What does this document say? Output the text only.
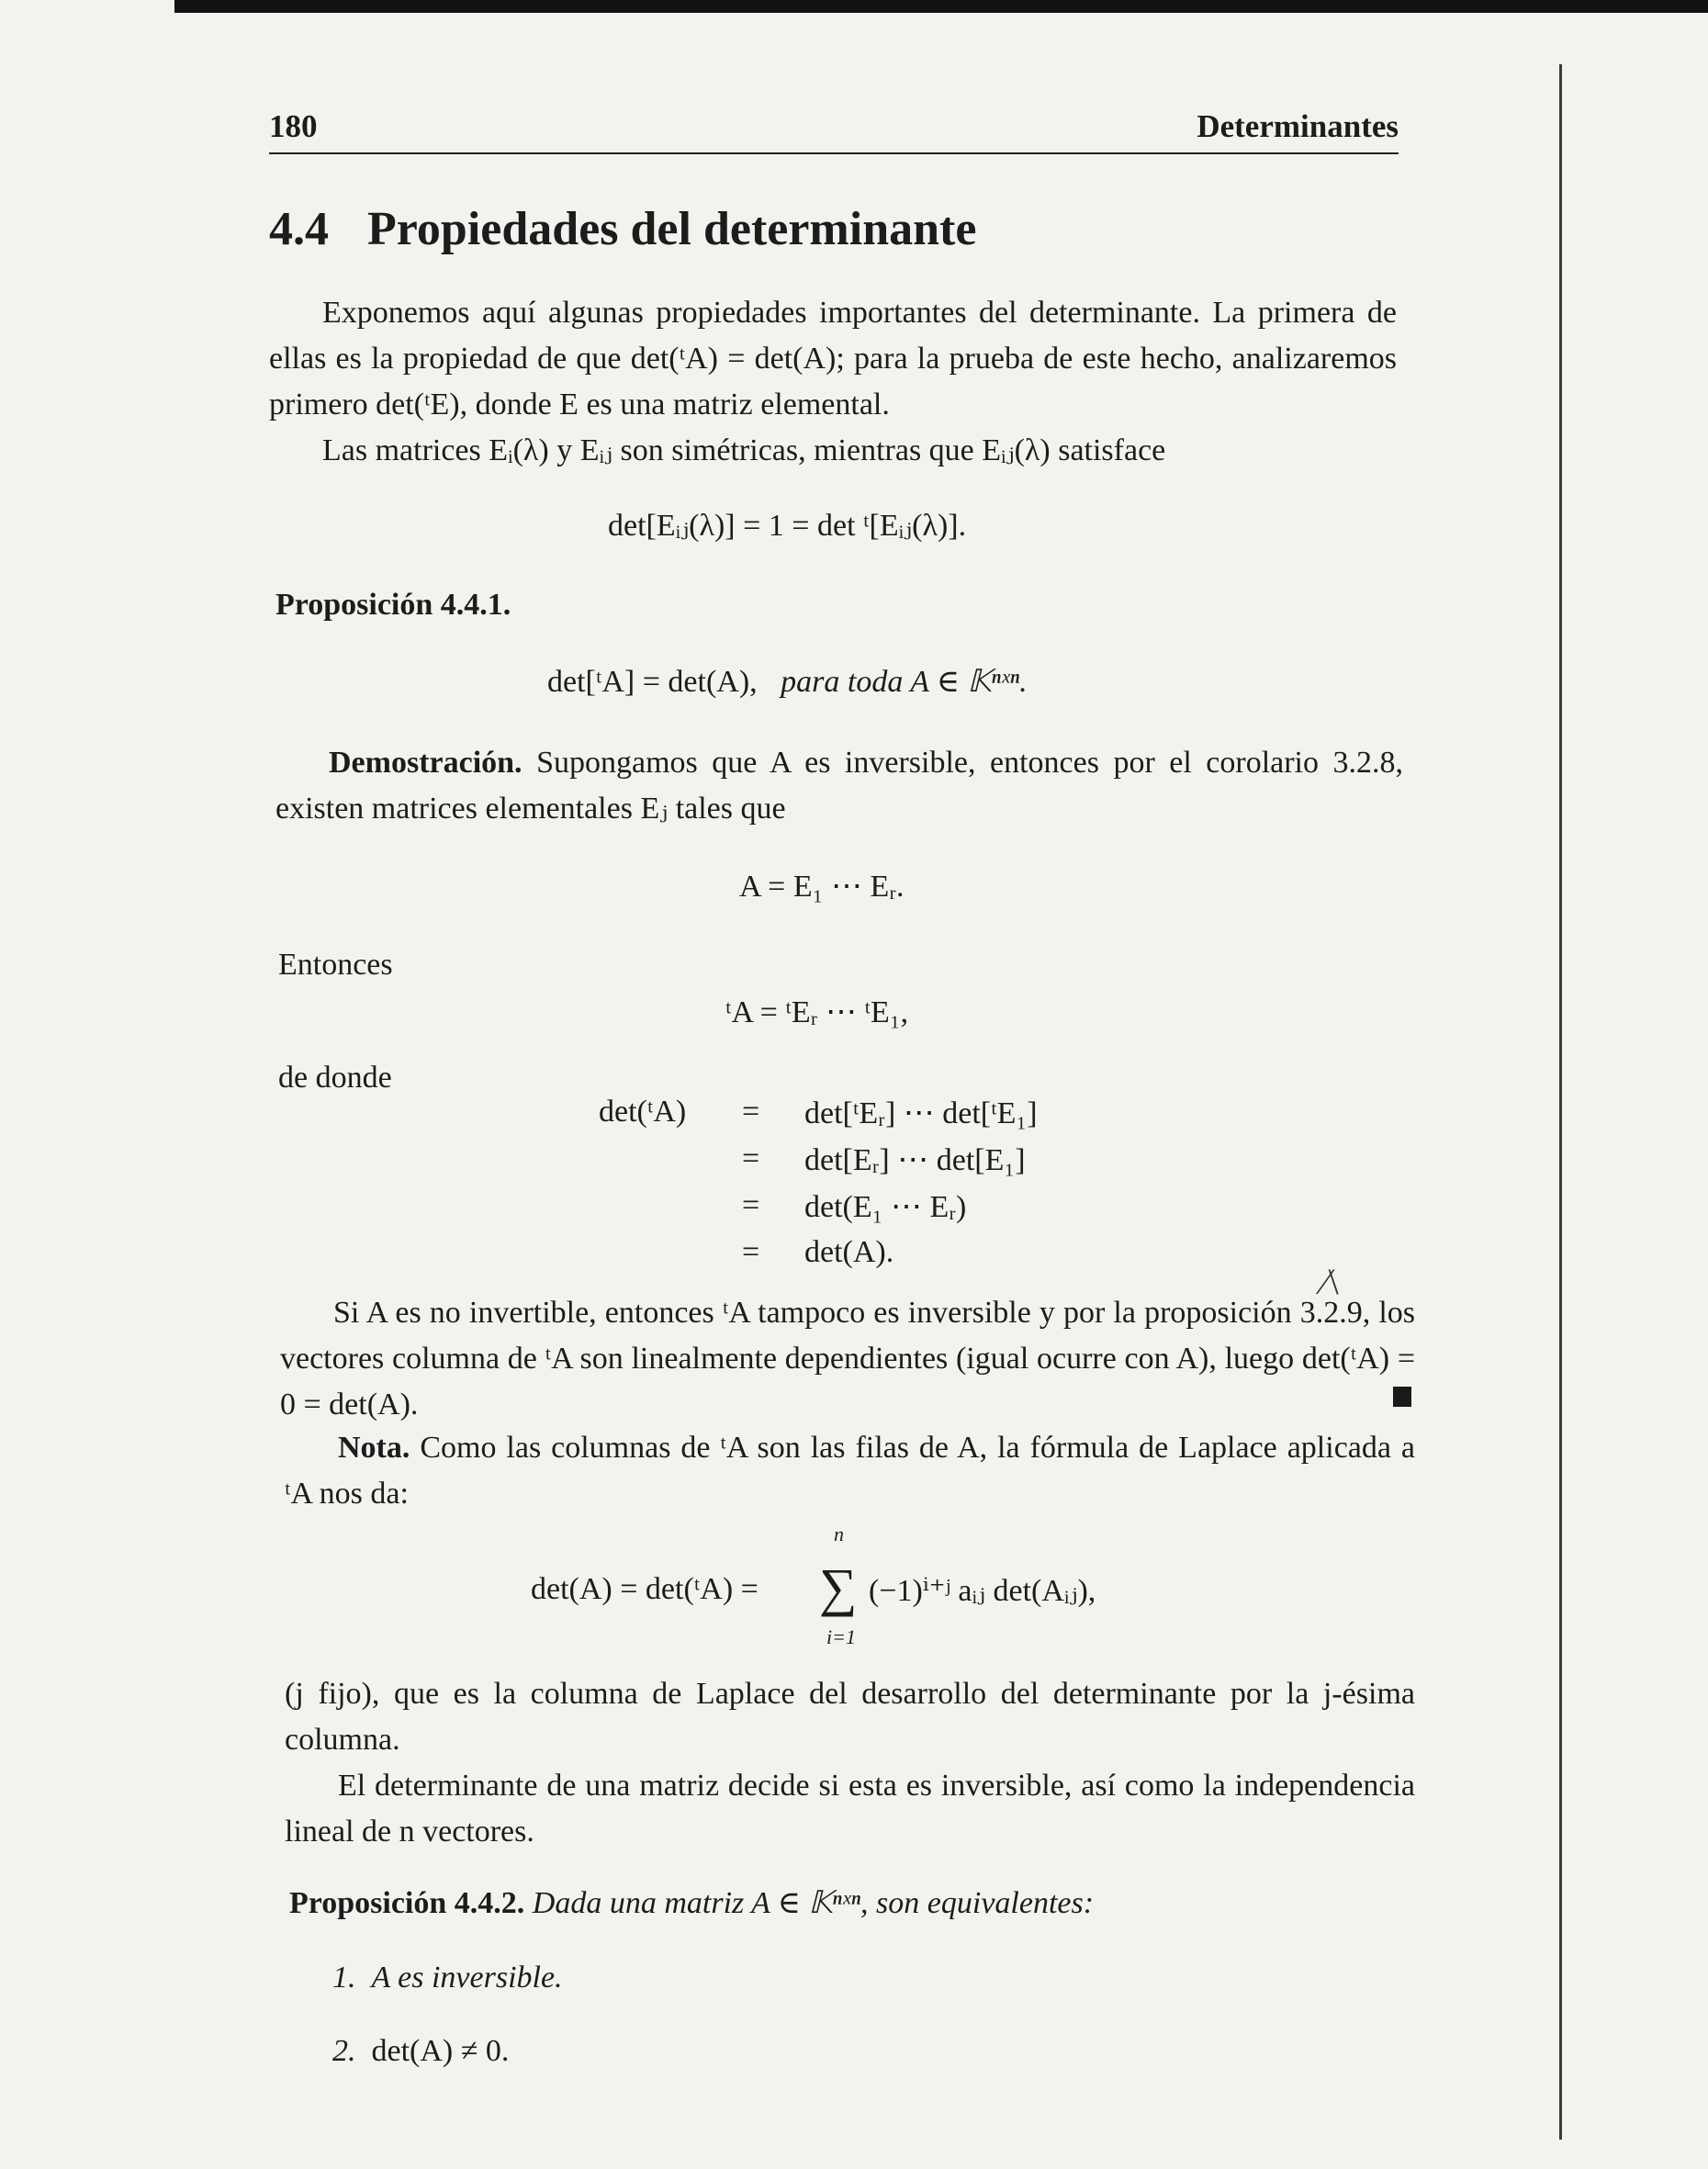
180	Determinantes
4.4 Propiedades del determinante
Exponemos aquí algunas propiedades importantes del determinante. La primera de ellas es la propiedad de que det(ᵗA) = det(A); para la prueba de este hecho, analizaremos primero det(ᵗE), donde E es una matriz elemental.
Las matrices Eᵢ(λ) y Eᵢⱼ son simétricas, mientras que Eᵢⱼ(λ) satisface
det[Eᵢⱼ(λ)] = 1 = det ᵗ[Eᵢⱼ(λ)].
Proposición 4.4.1.
det[ᵗA] = det(A), para toda A ∈ 𝕂ⁿˣⁿ.
Demostración. Supongamos que A es inversible, entonces por el corolario 3.2.8, existen matrices elementales Eⱼ tales que
A = E₁ ⋯ Eᵣ.
Entonces
ᵗA = ᵗEᵣ ⋯ ᵗE₁,
de donde
det(ᵗA) = det[ᵗEᵣ] ⋯ det[ᵗE₁]
= det[Eᵣ] ⋯ det[E₁]
= det(E₁ ⋯ Eᵣ)
= det(A).
⁄\
Si A es no invertible, entonces ᵗA tampoco es inversible y por la proposición 3.2.9, los vectores columna de ᵗA son linealmente dependientes (igual ocurre con A), luego det(ᵗA) = 0 = det(A).
Nota. Como las columnas de ᵗA son las filas de A, la fórmula de Laplace aplicada a ᵗA nos da:
det(A) = det(ᵗA) =
n
∑
i=1
(−1)ⁱ⁺ʲ aᵢⱼ det(Aᵢⱼ),
(j fijo), que es la columna de Laplace del desarrollo del determinante por la j-ésima columna.
El determinante de una matriz decide si esta es inversible, así como la independencia lineal de n vectores.
Proposición 4.4.2. Dada una matriz A ∈ 𝕂ⁿˣⁿ, son equivalentes:
1. A es inversible.
2. det(A) ≠ 0.
